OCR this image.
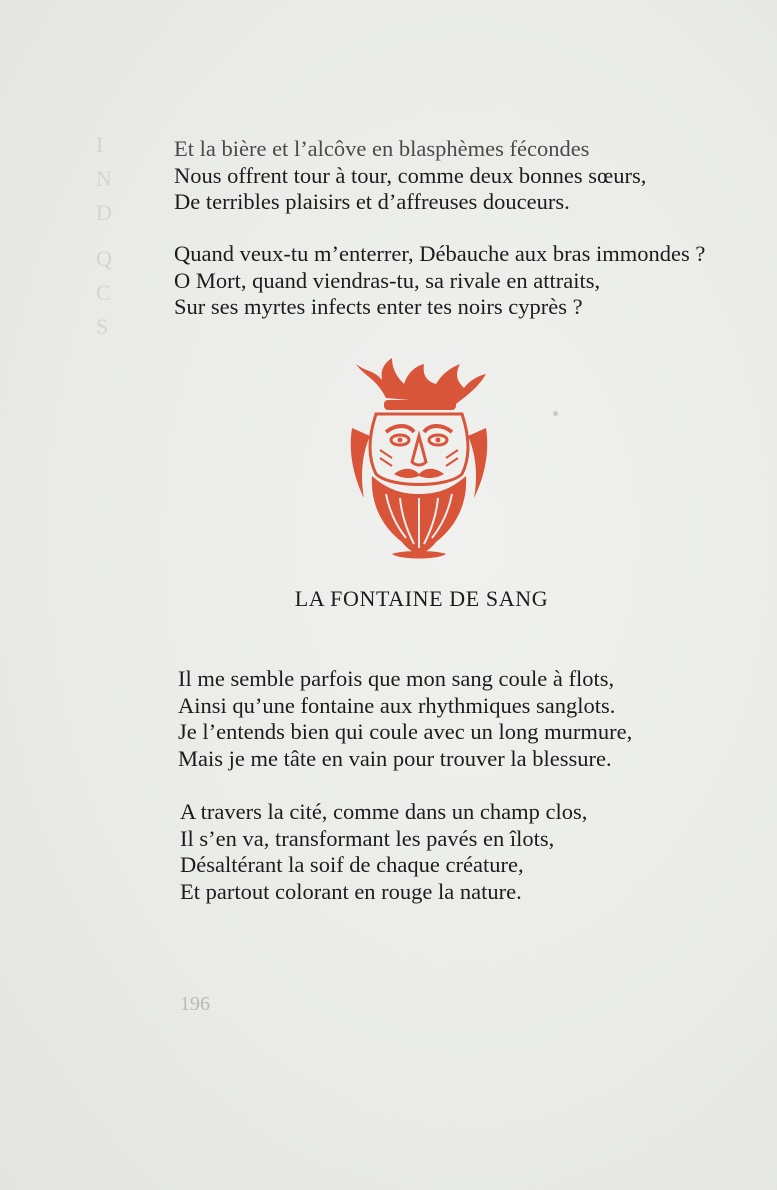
I
N
D
Q
C
S
Et la bière et l’alcôve en blasphèmes fécondes
Nous offrent tour à tour, comme deux bonnes sœurs,
De terribles plaisirs et d’affreuses douceurs.
Quand veux-tu m’enterrer, Débauche aux bras immondes ?
O Mort, quand viendras-tu, sa rivale en attraits,
Sur ses myrtes infects enter tes noirs cyprès ?
LA FONTAINE DE SANG
Il me semble parfois que mon sang coule à flots,
Ainsi qu’une fontaine aux rhythmiques sanglots.
Je l’entends bien qui coule avec un long murmure,
Mais je me tâte en vain pour trouver la blessure.
A travers la cité, comme dans un champ clos,
Il s’en va, transformant les pavés en îlots,
Désaltérant la soif de chaque créature,
Et partout colorant en rouge la nature.
196
